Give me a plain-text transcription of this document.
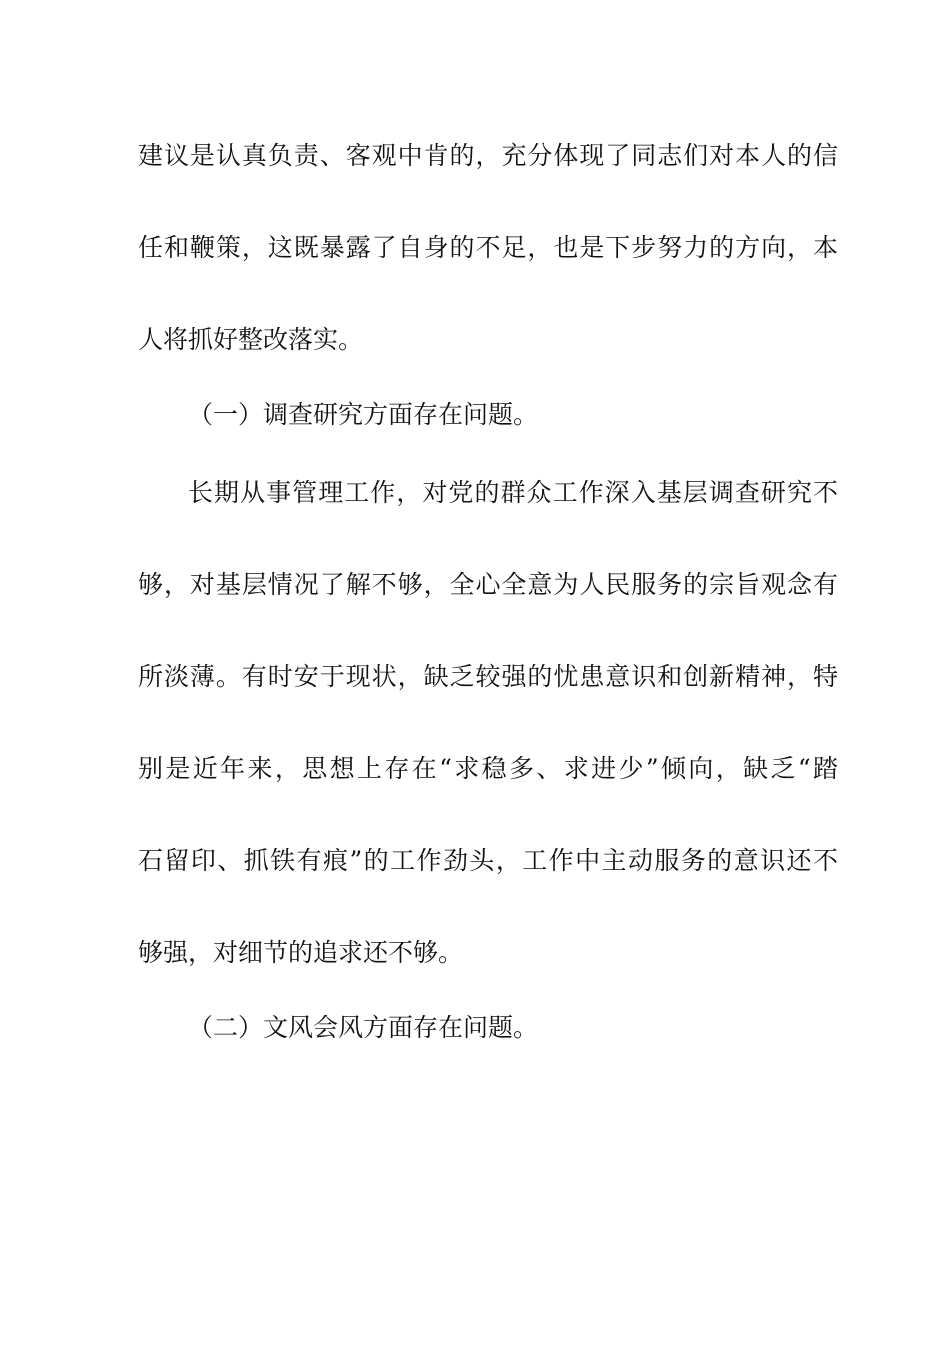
建议是认真负责、客观中肯的，充分体现了同志们对本人的信
任和鞭策，这既暴露了自身的不足，也是下步努力的方向，本
人将抓好整改落实。
（一）调查研究方面存在问题。
长期从事管理工作，对党的群众工作深入基层调查研究不
够，对基层情况了解不够，全心全意为人民服务的宗旨观念有
所淡薄。有时安于现状，缺乏较强的忧患意识和创新精神，特
别是近年来，思想上存在“求稳多、求进少”倾向，缺乏“踏
石留印、抓铁有痕”的工作劲头，工作中主动服务的意识还不
够强，对细节的追求还不够。
（二）文风会风方面存在问题。
